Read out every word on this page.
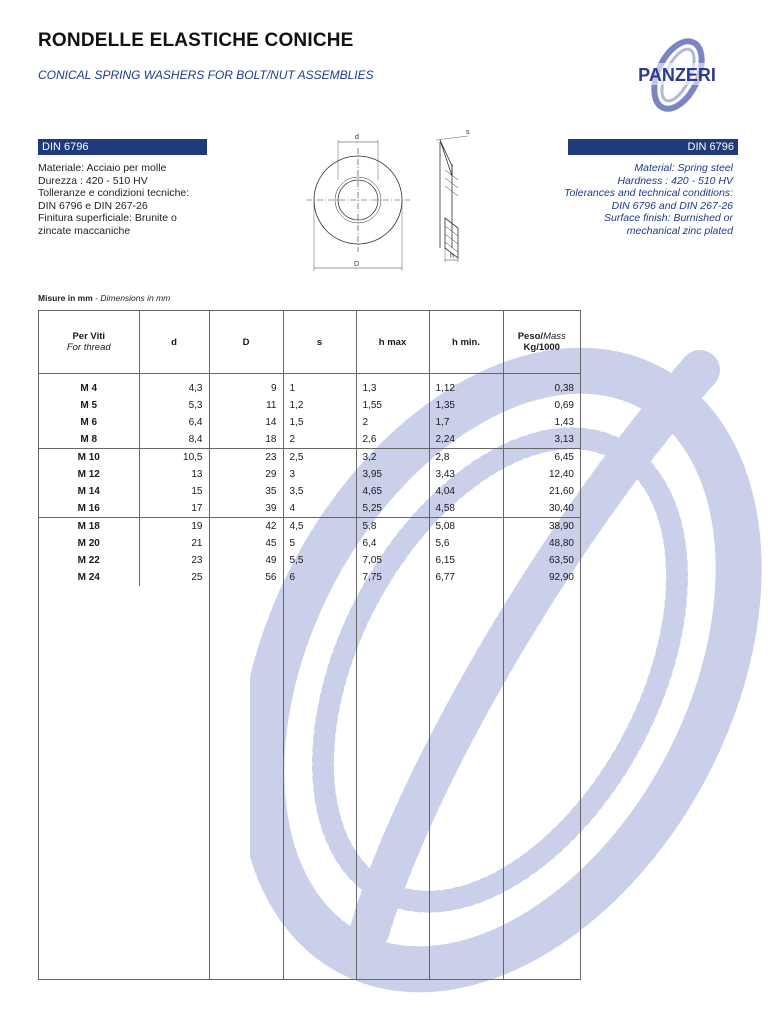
RONDELLE ELASTICHE CONICHE
CONICAL SPRING WASHERS FOR BOLT/NUT ASSEMBLIES	PANZERI
DIN 6796	DIN 6796
Materiale: Acciaio per molle
Durezza : 420 - 510 HV
Tolleranze e condizioni tecniche:
DIN 6796 e DIN 267-26
Finitura superficiale: Brunite o
zincate maccaniche
Material: Spring steel
Hardness : 420 - 510 HV
Tolerances and technical conditions:
DIN 6796 and DIN 267-26
Surface finish: Burnished or
mechanical zinc plated
d
D
s
h
Misure in mm - Dimensions in mm
Per Viti
For thread	d	D	s	h max	h min.	Peso/Mass
Kg/1000
M 4	4,3	9	1	1,3	1,12	0,38
M 5	5,3	11	1,2	1,55	1,35	0,69
M 6	6,4	14	1,5	2	1,7	1,43
M 8	8,4	18	2	2,6	2,24	3,13
M 10	10,5	23	2,5	3,2	2,8	6,45
M 12	13	29	3	3,95	3,43	12,40
M 14	15	35	3,5	4,65	4,04	21,60
M 16	17	39	4	5,25	4,58	30,40
M 18	19	42	4,5	5,8	5,08	38,90
M 20	21	45	5	6,4	5,6	48,80
M 22	23	49	5,5	7,05	6,15	63,50
M 24	25	56	6	7,75	6,77	92,90
